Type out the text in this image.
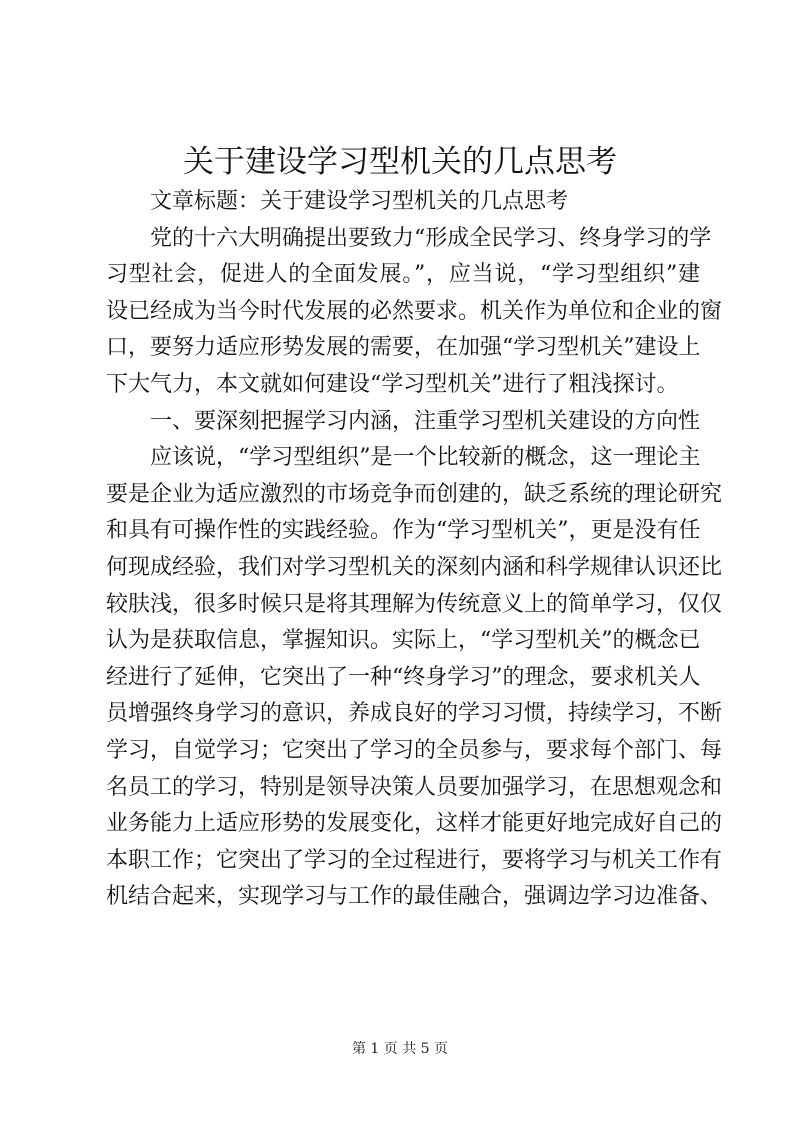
关于建设学习型机关的几点思考
文章标题：关于建设学习型机关的几点思考
党的十六大明确提出要致力“形成全民学习、终身学习的学
习型社会，促进人的全面发展。”，应当说，“学习型组织”建
设已经成为当今时代发展的必然要求。机关作为单位和企业的窗
口，要努力适应形势发展的需要，在加强“学习型机关”建设上
下大气力，本文就如何建设“学习型机关”进行了粗浅探讨。
一、要深刻把握学习内涵，注重学习型机关建设的方向性
应该说，“学习型组织”是一个比较新的概念，这一理论主
要是企业为适应激烈的市场竞争而创建的，缺乏系统的理论研究
和具有可操作性的实践经验。作为“学习型机关”，更是没有任
何现成经验，我们对学习型机关的深刻内涵和科学规律认识还比
较肤浅，很多时候只是将其理解为传统意义上的简单学习，仅仅
认为是获取信息，掌握知识。实际上，“学习型机关”的概念已
经进行了延伸，它突出了一种“终身学习”的理念，要求机关人
员增强终身学习的意识，养成良好的学习习惯，持续学习，不断
学习，自觉学习；它突出了学习的全员参与，要求每个部门、每
名员工的学习，特别是领导决策人员要加强学习，在思想观念和
业务能力上适应形势的发展变化，这样才能更好地完成好自己的
本职工作；它突出了学习的全过程进行，要将学习与机关工作有
机结合起来，实现学习与工作的最佳融合，强调边学习边准备、
第 1 页 共 5 页
